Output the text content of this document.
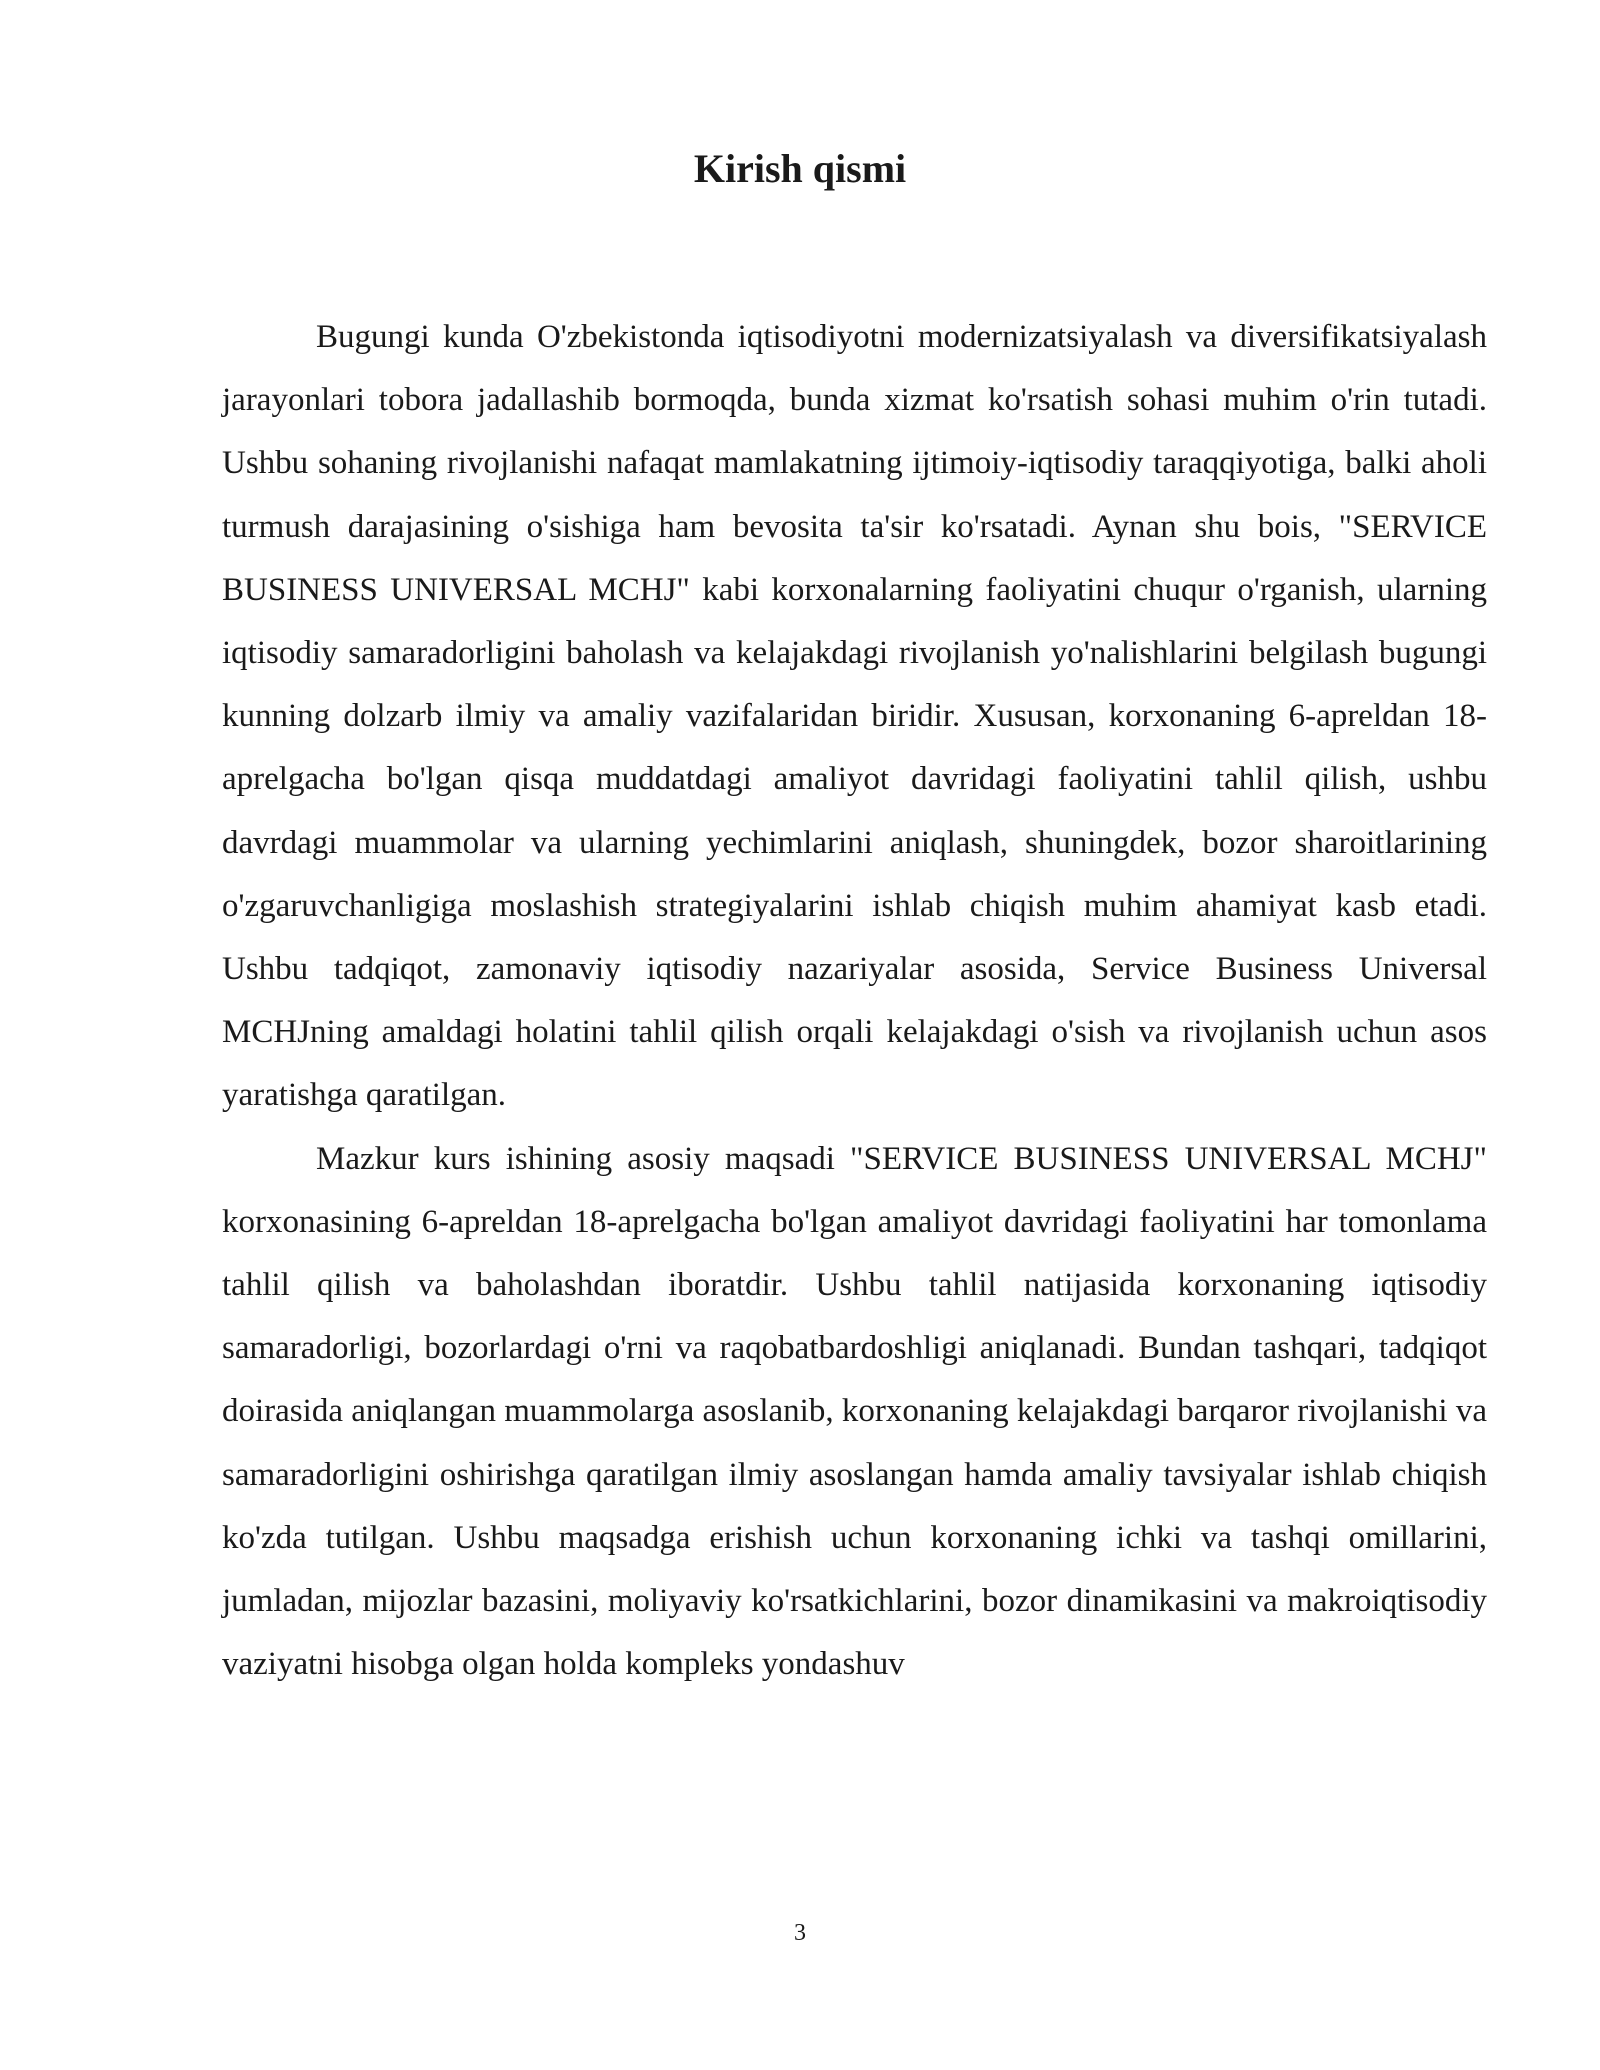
Kirish qismi

Bugungi kunda O'zbekistonda iqtisodiyotni modernizatsiyalash va diversifikatsiyalash jarayonlari tobora jadallashib bormoqda, bunda xizmat ko'rsatish sohasi muhim o'rin tutadi. Ushbu sohaning rivojlanishi nafaqat mamlakatning ijtimoiy-iqtisodiy taraqqiyotiga, balki aholi turmush darajasining o'sishiga ham bevosita ta'sir ko'rsatadi. Aynan shu bois, "SERVICE BUSINESS UNIVERSAL MCHJ" kabi korxonalarning faoliyatini chuqur o'rganish, ularning iqtisodiy samaradorligini baholash va kelajakdagi rivojlanish yo'nalishlarini belgilash bugungi kunning dolzarb ilmiy va amaliy vazifalaridan biridir. Xususan, korxonaning 6-apreldan 18-aprelgacha bo'lgan qisqa muddatdagi amaliyot davridagi faoliyatini tahlil qilish, ushbu davrdagi muammolar va ularning yechimlarini aniqlash, shuningdek, bozor sharoitlarining o'zgaruvchanligiga moslashish strategiyalarini ishlab chiqish muhim ahamiyat kasb etadi. Ushbu tadqiqot, zamonaviy iqtisodiy nazariyalar asosida, Service Business Universal MCHJning amaldagi holatini tahlil qilish orqali kelajakdagi o'sish va rivojlanish uchun asos yaratishga qaratilgan.

Mazkur kurs ishining asosiy maqsadi "SERVICE BUSINESS UNIVERSAL MCHJ" korxonasining 6-apreldan 18-aprelgacha bo'lgan amaliyot davridagi faoliyatini har tomonlama tahlil qilish va baholashdan iboratdir. Ushbu tahlil natijasida korxonaning iqtisodiy samaradorligi, bozorlardagi o'rni va raqobatbardoshligi aniqlanadi. Bundan tashqari, tadqiqot doirasida aniqlangan muammolarga asoslanib, korxonaning kelajakdagi barqaror rivojlanishi va samaradorligini oshirishga qaratilgan ilmiy asoslangan hamda amaliy tavsiyalar ishlab chiqish ko'zda tutilgan. Ushbu maqsadga erishish uchun korxonaning ichki va tashqi omillarini, jumladan, mijozlar bazasini, moliyaviy ko'rsatkichlarini, bozor dinamikasini va makroiqtisodiy vaziyatni hisobga olgan holda kompleks yondashuv

3
